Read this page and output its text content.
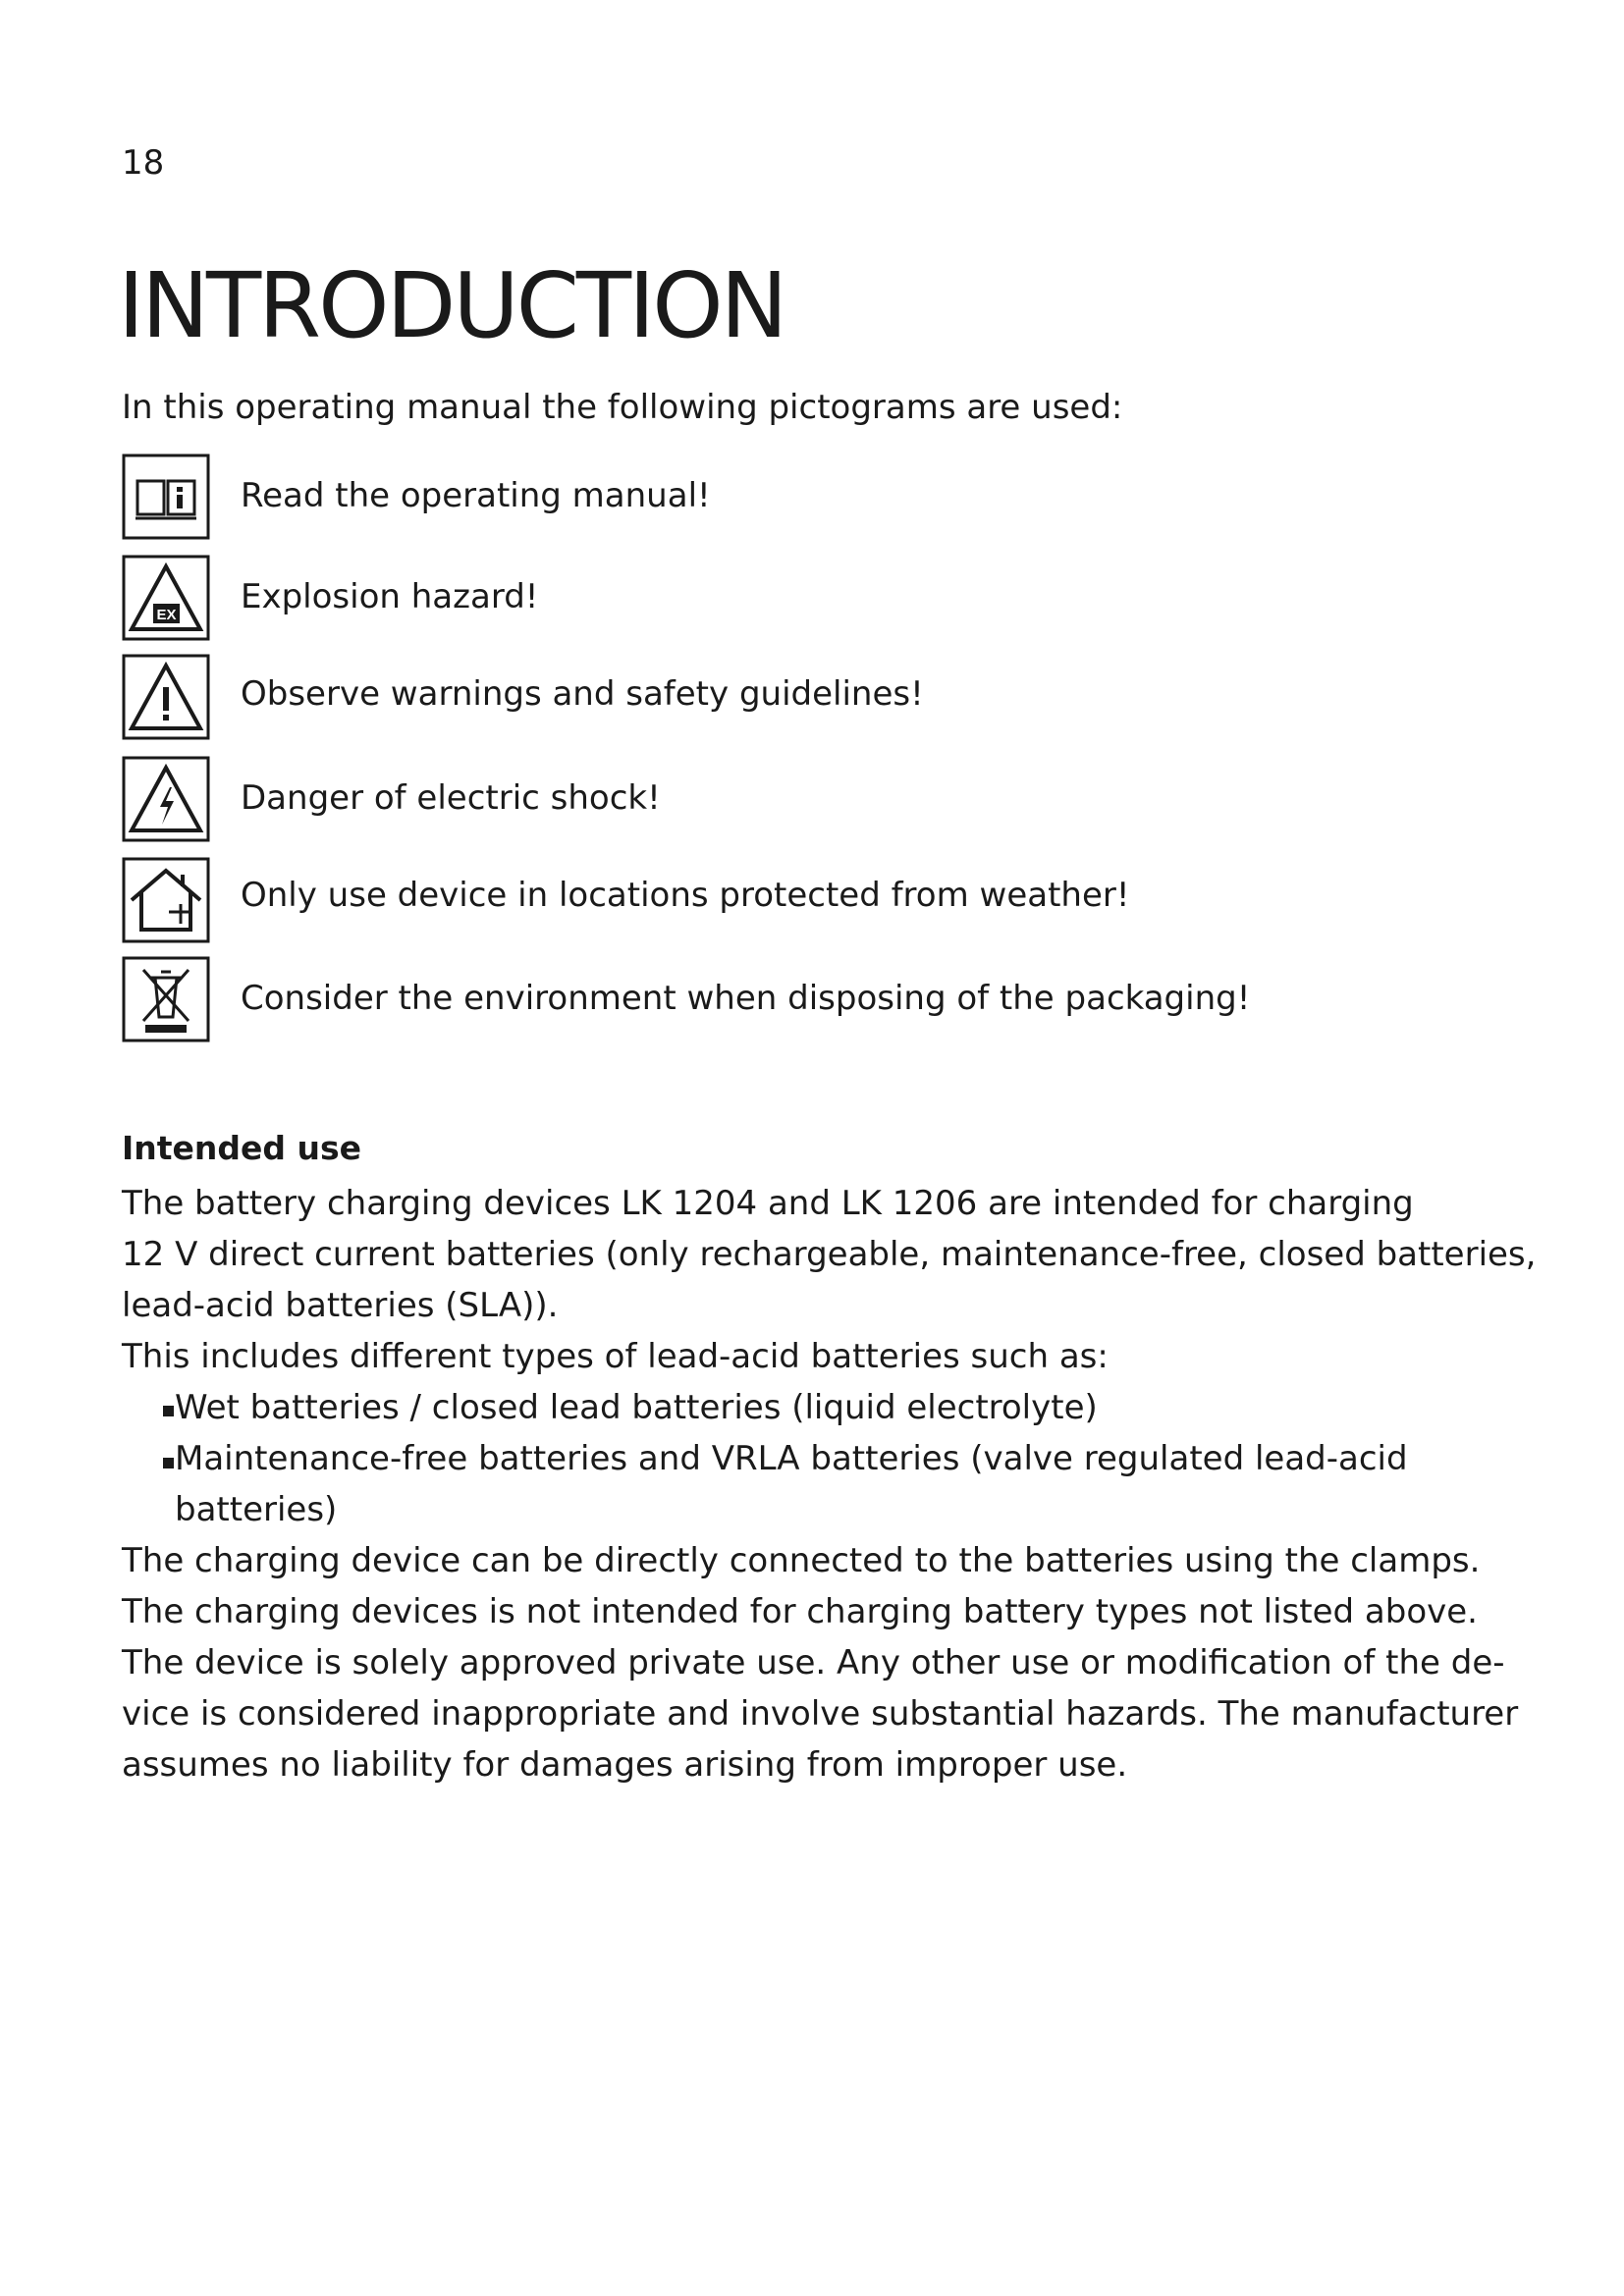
18
INTRODUCTION
In this operating manual the following pictograms are used:
Read the operating manual!
EX Explosion hazard!
Observe warnings and safety guidelines!
Danger of electric shock!
Only use device in locations protected from weather!
Consider the environment when disposing of the packaging!
Intended use
The battery charging devices LK 1204 and LK 1206 are intended for charging
12 V direct current batteries (only rechargeable, maintenance-free, closed batteries,
lead-acid batteries (SLA)).
This includes different types of lead-acid batteries such as:
Wet batteries / closed lead batteries (liquid electrolyte)
Maintenance-free batteries and VRLA batteries (valve regulated lead-acid
batteries)
The charging device can be directly connected to the batteries using the clamps.
The charging devices is not intended for charging battery types not listed above.
The device is solely approved private use. Any other use or modification of the de-
vice is considered inappropriate and involve substantial hazards. The manufacturer
assumes no liability for damages arising from improper use.
